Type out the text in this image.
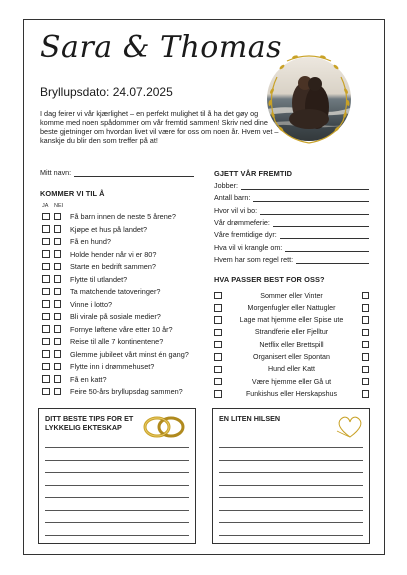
Sara & Thomas
Bryllupsdato: 24.07.2025
I dag feirer vi vår kjærlighet – en perfekt mulighet til å ha det gøy og komme med noen spådommer om vår fremtid sammen! Skriv ned dine beste gjetninger om hvordan livet vil være for oss om noen år. Hvem vet – kanskje du blir den som treffer på at!
Mitt navn:
KOMMER VI TIL Å
JA NEI
Få barn innen de neste 5 årene?
Kjøpe et hus på landet?
Få en hund?
Holde hender når vi er 80?
Starte en bedrift sammen?
Flytte til utlandet?
Ta matchende tatoveringer?
Vinne i lotto?
Bli virale på sosiale medier?
Fornye løftene våre etter 10 år?
Reise til alle 7 kontinentene?
Glemme jubileet vårt minst én gang?
Flytte inn i drømmehuset?
Få en katt?
Feire 50-års bryllupsdag sammen?
GJETT VÅR FREMTID
Jobber:
Antall barn:
Hvor vil vi bo:
Vår drømmeferie:
Våre fremtidige dyr:
Hva vil vi krangle om:
Hvem har som regel rett:
HVA PASSER BEST FOR OSS?
Sommer eller Vinter
Morgenfugler eller Nattugler
Lage mat hjemme eller Spise ute
Strandferie eller Fjelltur
Netflix eller Brettspill
Organisert eller Spontan
Hund eller Katt
Være hjemme eller Gå ut
Funkishus eller Herskapshus
DITT BESTE TIPS FOR ET
LYKKELIG EKTESKAP
EN LITEN HILSEN
